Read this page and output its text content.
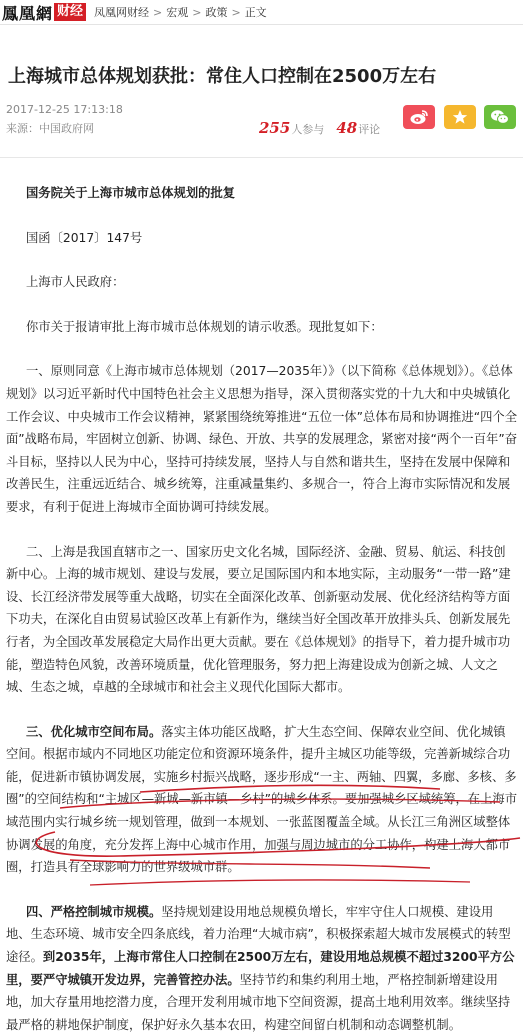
鳳凰網 财经 凤凰网财经 > 宏观 > 政策 > 正文
上海城市总体规划获批：常住人口控制在2500万左右
2017-12-25 17:13:18
来源：中国政府网	255 人参与 48 评论

国务院关于上海市城市总体规划的批复

国函〔2017〕147号

上海市人民政府：

你市关于报请审批上海市城市总体规划的请示收悉。现批复如下：

一、原则同意《上海市城市总体规划（2017—2035年）》（以下简称《总体规划》）。《总体规划》以习近平新时代中国特色社会主义思想为指导，深入贯彻落实党的十九大和中央城镇化工作会议、中央城市工作会议精神，紧紧围绕统筹推进“五位一体”总体布局和协调推进“四个全面”战略布局，牢固树立创新、协调、绿色、开放、共享的发展理念，紧密对接“两个一百年”奋斗目标，坚持以人民为中心，坚持可持续发展，坚持人与自然和谐共生，坚持在发展中保障和改善民生，注重远近结合、城乡统筹，注重减量集约、多规合一，符合上海市实际情况和发展要求，有利于促进上海城市全面协调可持续发展。

二、上海是我国直辖市之一、国家历史文化名城，国际经济、金融、贸易、航运、科技创新中心。上海的城市规划、建设与发展，要立足国际国内和本地实际，主动服务“一带一路”建设、长江经济带发展等重大战略，切实在全面深化改革、创新驱动发展、优化经济结构等方面下功夫，在深化自由贸易试验区改革上有新作为，继续当好全国改革开放排头兵、创新发展先行者，为全国改革发展稳定大局作出更大贡献。要在《总体规划》的指导下，着力提升城市功能，塑造特色风貌，改善环境质量，优化管理服务，努力把上海建设成为创新之城、人文之城、生态之城，卓越的全球城市和社会主义现代化国际大都市。

三、优化城市空间布局。落实主体功能区战略，扩大生态空间、保障农业空间、优化城镇空间。根据市域内不同地区功能定位和资源环境条件，提升主城区功能等级，完善新城综合功能，促进新市镇协调发展，实施乡村振兴战略，逐步形成“一主、两轴、四翼，多廊、多核、多圈”的空间结构和“主城区—新城—新市镇—乡村”的城乡体系。要加强城乡区域统筹，在上海市域范围内实行城乡统一规划管理，做到一本规划、一张蓝图覆盖全域。从长江三角洲区域整体协调发展的角度，充分发挥上海中心城市作用，加强与周边城市的分工协作，构建上海大都市圈，打造具有全球影响力的世界级城市群。

四、严格控制城市规模。坚持规划建设用地总规模负增长，牢牢守住人口规模、建设用地、生态环境、城市安全四条底线，着力治理“大城市病”，积极探索超大城市发展模式的转型途径。到2035年，上海市常住人口控制在2500万左右，建设用地总规模不超过3200平方公里，要严守城镇开发边界，完善管控办法。坚持节约和集约利用土地，严格控制新增建设用地，加大存量用地挖潜力度，合理开发利用城市地下空间资源，提高土地利用效率。继续坚持最严格的耕地保护制度，保护好永久基本农田，构建空间留白机制和动态调整机制。
